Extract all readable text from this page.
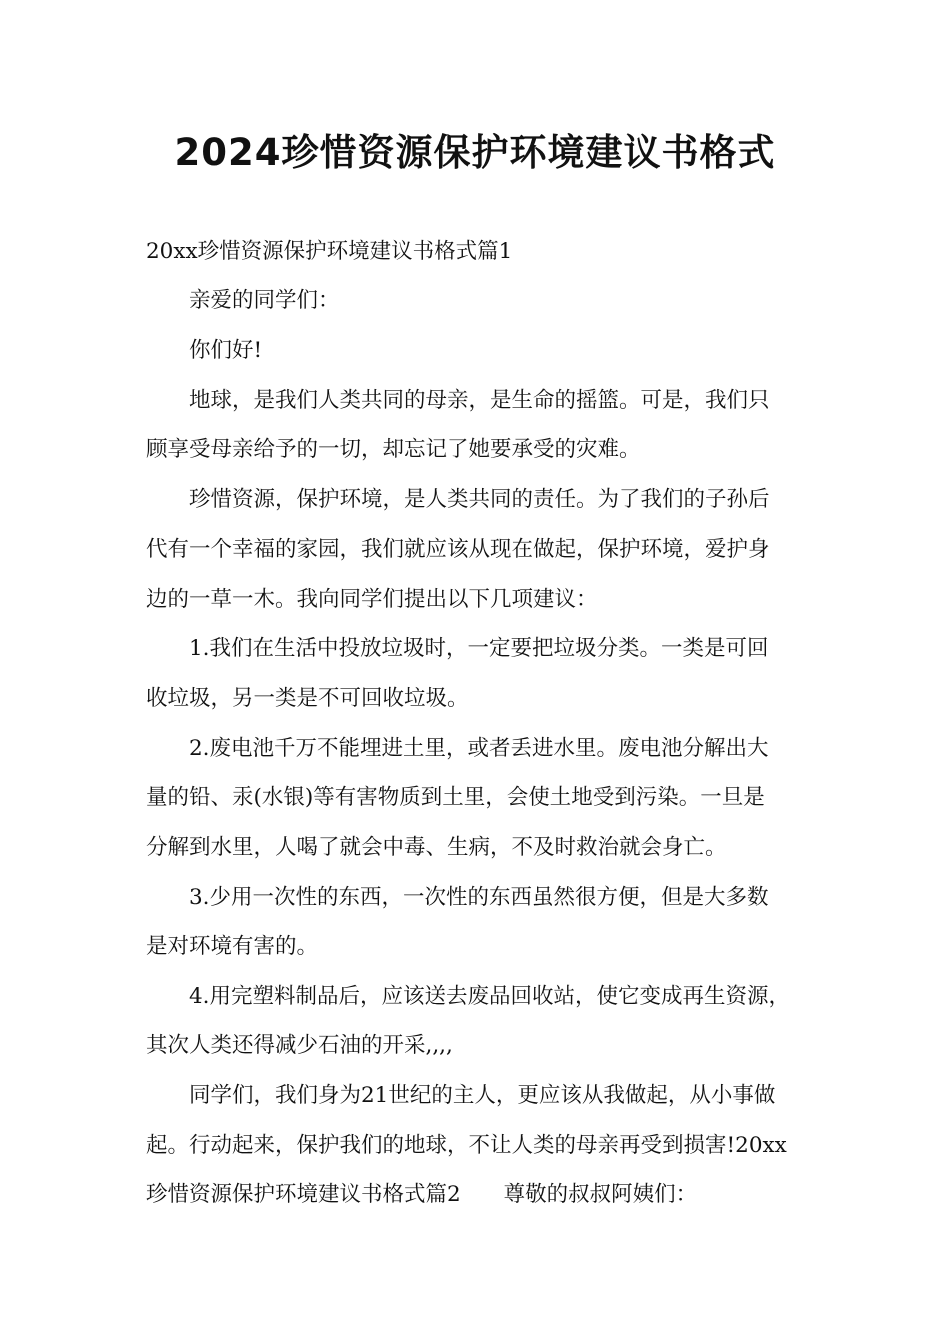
2024珍惜资源保护环境建议书格式

20xx珍惜资源保护环境建议书格式篇1

亲爱的同学们：

你们好!

地球，是我们人类共同的母亲，是生命的摇篮。可是，我们只

顾享受母亲给予的一切，却忘记了她要承受的灾难。

珍惜资源，保护环境，是人类共同的责任。为了我们的子孙后

代有一个幸福的家园，我们就应该从现在做起，保护环境，爱护身

边的一草一木。我向同学们提出以下几项建议：

1.我们在生活中投放垃圾时，一定要把垃圾分类。一类是可回

收垃圾，另一类是不可回收垃圾。

2.废电池千万不能埋进土里，或者丢进水里。废电池分解出大

量的铅、汞(水银)等有害物质到土里，会使土地受到污染。一旦是

分解到水里，人喝了就会中毒、生病，不及时救治就会身亡。

3.少用一次性的东西，一次性的东西虽然很方便，但是大多数

是对环境有害的。

4.用完塑料制品后，应该送去废品回收站，使它变成再生资源，

其次人类还得减少石油的开采,,,,

同学们，我们身为21世纪的主人，更应该从我做起，从小事做

起。行动起来，保护我们的地球，不让人类的母亲再受到损害!20xx

珍惜资源保护环境建议书格式篇2　　尊敬的叔叔阿姨们：
